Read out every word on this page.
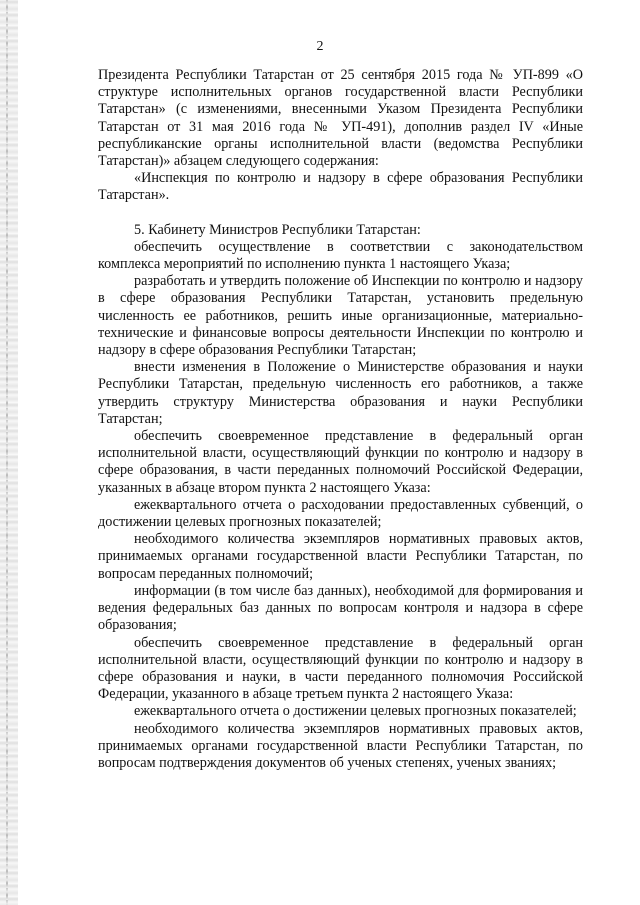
2

Президента Республики Татарстан от 25 сентября 2015 года № УП-899 «О структуре исполнительных органов государственной власти Республики Татарстан» (с изменениями, внесенными Указом Президента Республики Татарстан от 31 мая 2016 года № УП-491), дополнив раздел IV «Иные республиканские органы исполнительной власти (ведомства Республики Татарстан)» абзацем следующего содержания:

«Инспекция по контролю и надзору в сфере образования Республики Татарстан».

5. Кабинету Министров Республики Татарстан:

обеспечить осуществление в соответствии с законодательством комплекса мероприятий по исполнению пункта 1 настоящего Указа;

разработать и утвердить положение об Инспекции по контролю и надзору в сфере образования Республики Татарстан, установить предельную численность ее работников, решить иные организационные, материально-технические и финансовые вопросы деятельности Инспекции по контролю и надзору в сфере образования Республики Татарстан;

внести изменения в Положение о Министерстве образования и науки Республики Татарстан, предельную численность его работников, а также утвердить структуру Министерства образования и науки Республики Татарстан;

обеспечить своевременное представление в федеральный орган исполнительной власти, осуществляющий функции по контролю и надзору в сфере образования, в части переданных полномочий Российской Федерации, указанных в абзаце втором пункта 2 настоящего Указа:

ежеквартального отчета о расходовании предоставленных субвенций, о достижении целевых прогнозных показателей;

необходимого количества экземпляров нормативных правовых актов, принимаемых органами государственной власти Республики Татарстан, по вопросам переданных полномочий;

информации (в том числе баз данных), необходимой для формирования и ведения федеральных баз данных по вопросам контроля и надзора в сфере образования;

обеспечить своевременное представление в федеральный орган исполнительной власти, осуществляющий функции по контролю и надзору в сфере образования и науки, в части переданного полномочия Российской Федерации, указанного в абзаце третьем пункта 2 настоящего Указа:

ежеквартального отчета о достижении целевых прогнозных показателей;

необходимого количества экземпляров нормативных правовых актов, принимаемых органами государственной власти Республики Татарстан, по вопросам подтверждения документов об ученых степенях, ученых званиях;
